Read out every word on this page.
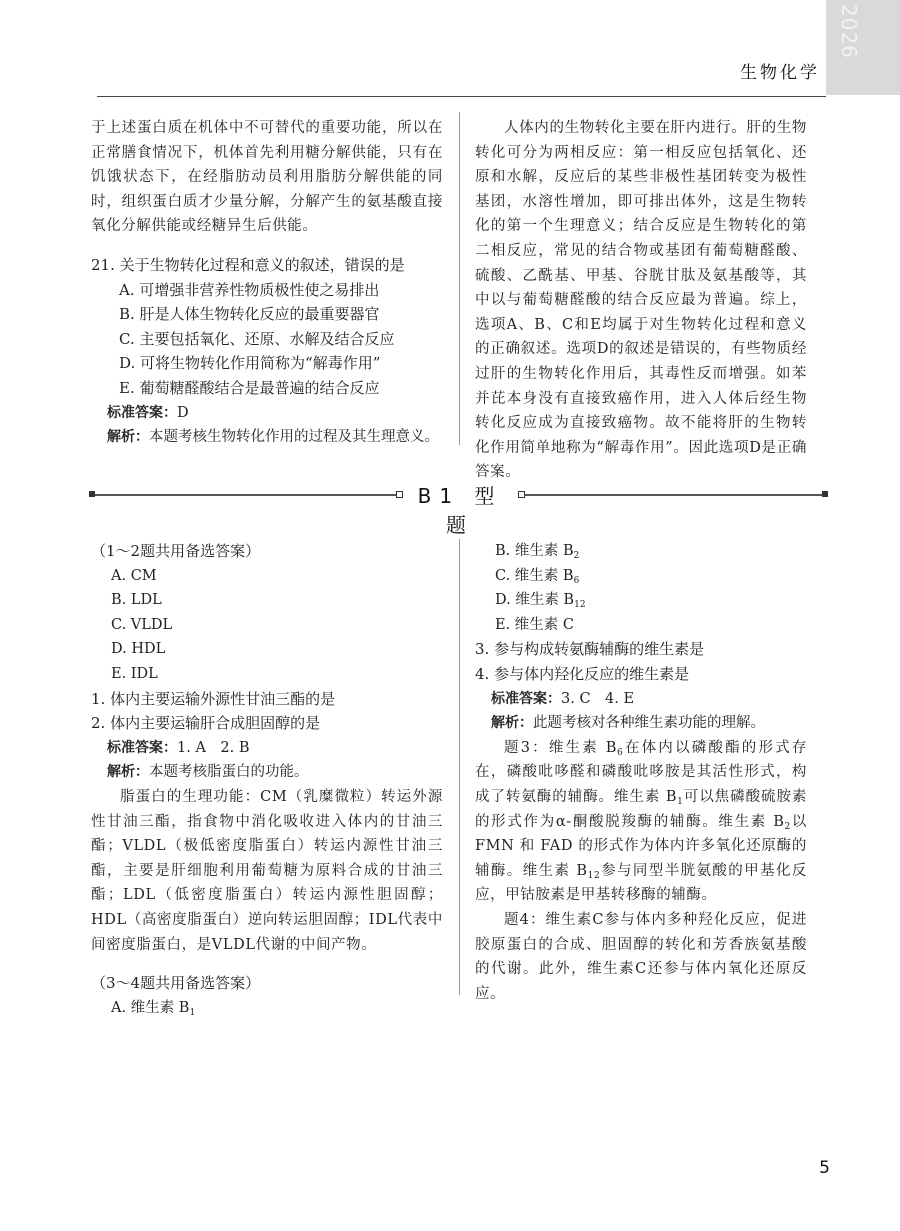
2026
生物化学

于上述蛋白质在机体中不可替代的重要功能，所以在正常膳食情况下，机体首先利用糖分解供能，只有在饥饿状态下，在经脂肪动员利用脂肪分解供能的同时，组织蛋白质才少量分解，分解产生的氨基酸直接氧化分解供能或经糖异生后供能。

21. 关于生物转化过程和意义的叙述，错误的是

A. 可增强非营养性物质极性使之易排出

B. 肝是人体生物转化反应的最重要器官

C. 主要包括氧化、还原、水解及结合反应

D. 可将生物转化作用简称为“解毒作用”

E. 葡萄糖醛酸结合是最普遍的结合反应

标准答案：D

解析：本题考核生物转化作用的过程及其生理意义。

人体内的生物转化主要在肝内进行。肝的生物转化可分为两相反应：第一相反应包括氧化、还原和水解，反应后的某些非极性基团转变为极性基团，水溶性增加，即可排出体外，这是生物转化的第一个生理意义；结合反应是生物转化的第二相反应，常见的结合物或基团有葡萄糖醛酸、硫酸、乙酰基、甲基、谷胱甘肽及氨基酸等，其中以与葡萄糖醛酸的结合反应最为普遍。综上，选项A、B、C和E均属于对生物转化过程和意义的正确叙述。选项D的叙述是错误的，有些物质经过肝的生物转化作用后，其毒性反而增强。如苯并芘本身没有直接致癌作用，进入人体后经生物转化反应成为直接致癌物。故不能将肝的生物转化作用简单地称为“解毒作用”。因此选项D是正确答案。

B1 型 题

（1～2题共用备选答案）

A. CM

B. LDL

C. VLDL

D. HDL

E. IDL

1. 体内主要运输外源性甘油三酯的是

2. 体内主要运输肝合成胆固醇的是

标准答案：1. A　2. B

解析：本题考核脂蛋白的功能。

脂蛋白的生理功能：CM（乳糜微粒）转运外源性甘油三酯，指食物中消化吸收进入体内的甘油三酯；VLDL（极低密度脂蛋白）转运内源性甘油三酯，主要是肝细胞利用葡萄糖为原料合成的甘油三酯；LDL（低密度脂蛋白）转运内源性胆固醇；HDL（高密度脂蛋白）逆向转运胆固醇；IDL代表中间密度脂蛋白，是VLDL代谢的中间产物。

（3～4题共用备选答案）

A. 维生素 $B_1$

B. 维生素 $B_2$

C. 维生素 $B_6$

D. 维生素 $B_{12}$

E. 维生素 C

3. 参与构成转氨酶辅酶的维生素是

4. 参与体内羟化反应的维生素是

标准答案：3. C　4. E

解析：此题考核对各种维生素功能的理解。

题3：维生素 $B_6$在体内以磷酸酯的形式存在，磷酸吡哆醛和磷酸吡哆胺是其活性形式，构成了转氨酶的辅酶。维生素 $B_1$可以焦磷酸硫胺素的形式作为α-酮酸脱羧酶的辅酶。维生素 $B_2$以 FMN 和 FAD 的形式作为体内许多氧化还原酶的辅酶。维生素 $B_{12}$参与同型半胱氨酸的甲基化反应，甲钴胺素是甲基转移酶的辅酶。

题4：维生素C参与体内多种羟化反应，促进胶原蛋白的合成、胆固醇的转化和芳香族氨基酸的代谢。此外，维生素C还参与体内氧化还原反应。

5
